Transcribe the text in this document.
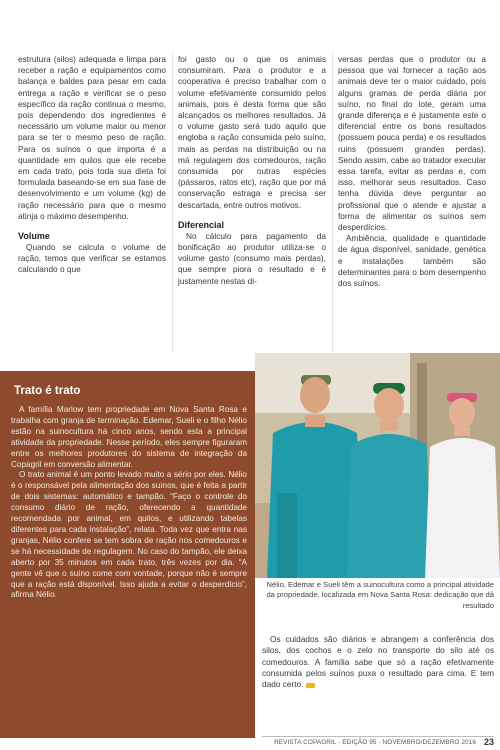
estrutura (silos) adequada e limpa para receber a ração e equipamentos como balança e baldes para pesar em cada entrega a ração e verificar se o peso específico da ração continua o mesmo, pois dependendo dos ingredientes é necessário um volume maior ou menor para se ter o mesmo peso de ração. Para os suínos o que importa é a quantidade em quilos que ele recebe em cada trato, pois toda sua dieta foi formulada baseando-se em sua fase de desenvolvimento e um volume (kg) de ração necessário para que o mesmo atinja o máximo desempenho.

Volume

Quando se calcula o volume de ração, temos que verificar se estamos calculando o que

foi gasto ou o que os animais consumiram. Para o produtor e a cooperativa é preciso trabalhar com o volume efetivamente consumido pelos animais, pois é desta forma que são alcançados os melhores resultados. Já o volume gasto será tudo aquilo que engloba a ração consumida pelo suíno, mais as perdas na distribuição ou na má regulagem dos comedouros, ração consumida por outras espécies (pássaros, ratos etc), ração que por má conservação estraga e precisa ser descartada, entre outros motivos.

Diferencial

No cálculo para pagamento da bonificação ao produtor utiliza-se o volume gasto (consumo mais perdas), que sempre piora o resultado e é justamente nestas di-

versas perdas que o produtor ou a pessoa que vai fornecer a ração aos animais deve ter o maior cuidado, pois alguns gramas de perda diária por suíno, no final do lote, geram uma grande diferença e é justamente este o diferencial entre os bons resultados (possuem pouca perda) e os resultados ruins (possuem grandes perdas). Sendo assim, cabe ao tratador executar essa tarefa, evitar as perdas e, com isso, melhorar seus resultados. Caso tenha dúvida deve perguntar ao profissional que o atende e ajustar a forma de alimentar os suínos sem desperdícios.

Ambiência, qualidade e quantidade de água disponível, sanidade, genética e instalações também são determinantes para o bom desempenho dos suínos.

Trato é trato

A família Marlow tem propriedade em Nova Santa Rosa e trabalha com granja de terminação. Edemar, Sueli e o filho Nélio estão na suinocultura há cinco anos, sendo esta a principal atividade da propriedade. Nesse período, eles sempre figuraram entre os melhores produtores do sistema de integração da Copagril em conversão alimentar.

O trato animal é um ponto levado muito a sério por eles. Nélio é o responsável pela alimentação dos suínos, que é feita a partir de dois sistemas: automático e tampão. “Faço o controle do consumo diário de ração, oferecendo a quantidade recomendada por animal, em quilos, e utilizando tabelas diferentes para cada instalação”, relata. Toda vez que entra nas granjas, Nélio confere se tem sobra de ração nos comedouros e se há necessidade de regulagem. No caso do tampão, ele deixa aberto por 35 minutos em cada trato, três vezes por dia. “A gente vê que o suíno come com vontade, porque não é sempre que a ração está disponível. Isso ajuda a evitar o desperdício”, afirma Nélio.

Nélio, Edemar e Sueli têm a suinocultura como a principal atividade da propriedade, localizada em Nova Santa Rosa: dedicação que dá resultado

Os cuidados são diários e abrangem a conferência dos silos, dos cochos e o zelo no transporte do silo até os comedouros. A família sabe que só a ração efetivamente consumida pelos suínos puxa o resultado para cima. E tem dado certo.

REVISTA COPAGRIL - EDIÇÃO 95 - NOVEMBRO/DEZEMBRO 2016 23
